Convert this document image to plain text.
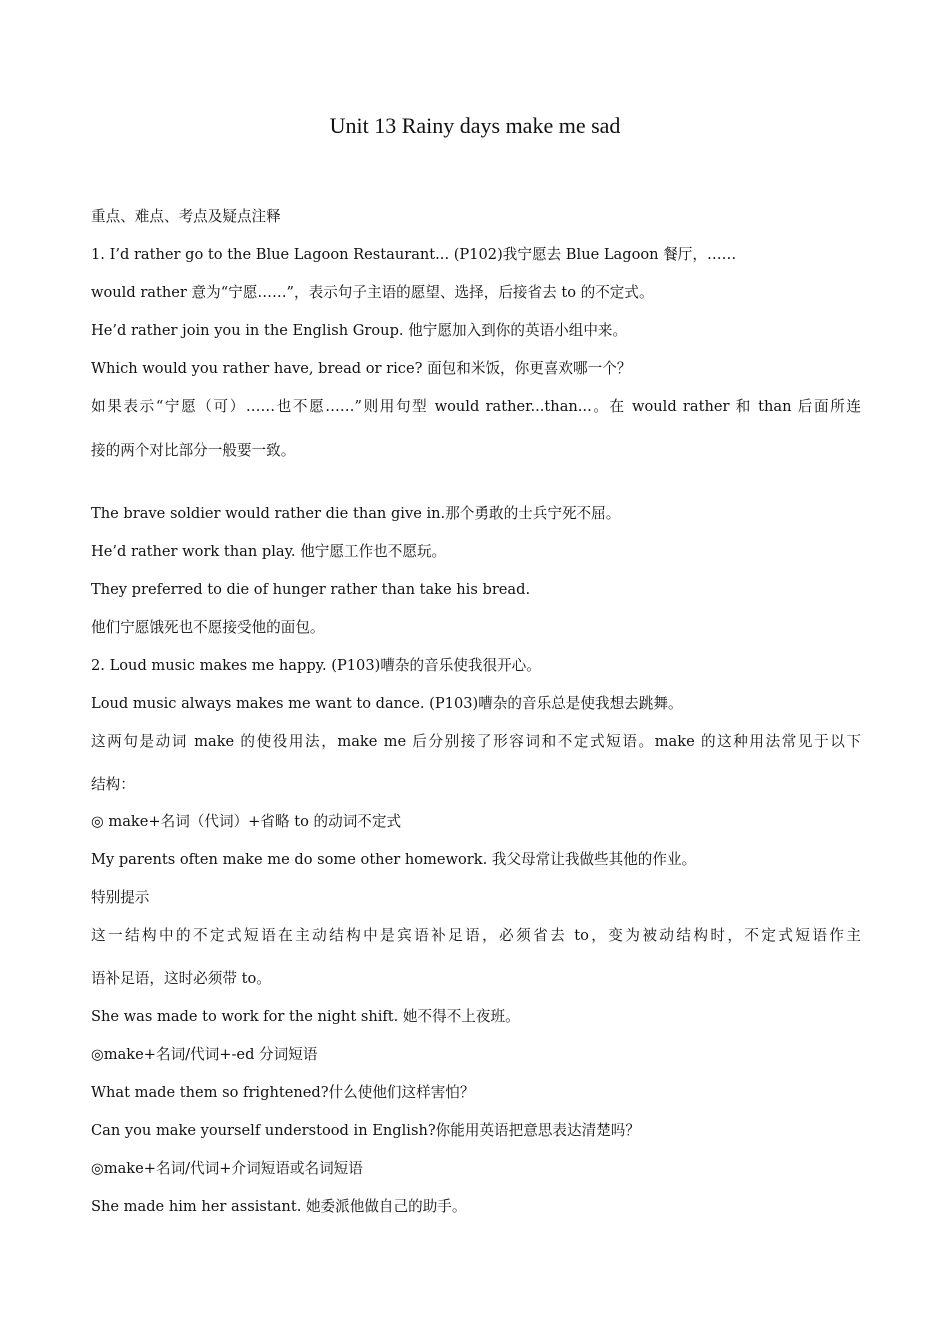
Unit 13 Rainy days make me sad
重点、难点、考点及疑点注释
1. I’d rather go to the Blue Lagoon Restaurant... (P102)我宁愿去 Blue Lagoon 餐厅，……
would rather 意为“宁愿……”，表示句子主语的愿望、选择，后接省去 to 的不定式。
He’d rather join you in the English Group. 他宁愿加入到你的英语小组中来。
Which would you rather have, bread or rice? 面包和米饭，你更喜欢哪一个？
如果表示“宁愿（可）……也不愿……”则用句型 would rather...than...。在 would rather 和 than 后面所连
接的两个对比部分一般要一致。
The brave soldier would rather die than give in.那个勇敢的士兵宁死不屈。
He’d rather work than play. 他宁愿工作也不愿玩。
They preferred to die of hunger rather than take his bread.
他们宁愿饿死也不愿接受他的面包。
2. Loud music makes me happy. (P103)嘈杂的音乐使我很开心。
Loud music always makes me want to dance. (P103)嘈杂的音乐总是使我想去跳舞。
这两句是动词 make 的使役用法，make me 后分别接了形容词和不定式短语。make 的这种用法常见于以下
结构：
◎ make+名词（代词）+省略 to 的动词不定式
My parents often make me do some other homework. 我父母常让我做些其他的作业。
特别提示
这一结构中的不定式短语在主动结构中是宾语补足语，必须省去 to，变为被动结构时，不定式短语作主
语补足语，这时必须带 to。
She was made to work for the night shift. 她不得不上夜班。
◎make+名词/代词+-ed 分词短语
What made them so frightened?什么使他们这样害怕？
Can you make yourself understood in English?你能用英语把意思表达清楚吗？
◎make+名词/代词+介词短语或名词短语
She made him her assistant. 她委派他做自己的助手。
